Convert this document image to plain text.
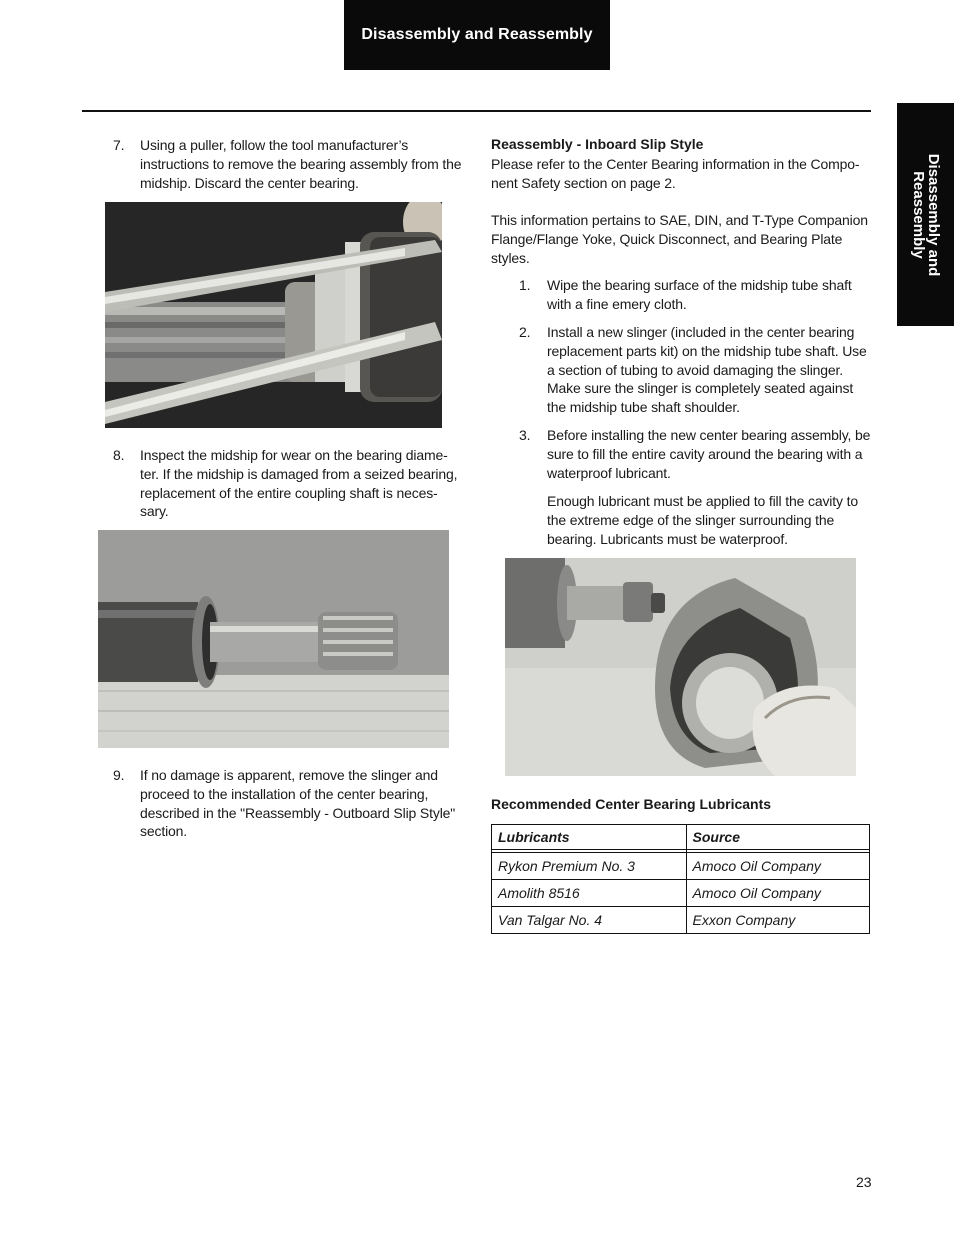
Disassembly and Reassembly
Disassembly and
Reassembly
7. Using a puller, follow the tool manufacturer’s instructions to remove the bearing assembly from the midship. Discard the center bearing.
8. Inspect the midship for wear on the bearing diame-ter. If the midship is damaged from a seized bearing, replacement of the entire coupling shaft is neces-sary.
9. If no damage is apparent, remove the slinger and proceed to the installation of the center bearing, described in the "Reassembly - Outboard Slip Style" section.
Reassembly - Inboard Slip Style
Please refer to the Center Bearing information in the Compo-nent Safety section on page 2.
This information pertains to SAE, DIN, and T-Type Companion Flange/Flange Yoke, Quick Disconnect, and Bearing Plate styles.
1. Wipe the bearing surface of the midship tube shaft with a fine emery cloth.
2. Install a new slinger (included in the center bearing replacement parts kit) on the midship tube shaft. Use a section of tubing to avoid damaging the slinger. Make sure the slinger is completely seated against the midship tube shaft shoulder.
3. Before installing the new center bearing assembly, be sure to fill the entire cavity around the bearing with a waterproof lubricant.
Enough lubricant must be applied to fill the cavity to the extreme edge of the slinger surrounding the bearing. Lubricants must be waterproof.
Recommended Center Bearing Lubricants
Lubricants	Source

Rykon Premium No. 3	Amoco Oil Company
Amolith 8516	Amoco Oil Company
Van Talgar No. 4	Exxon Company
23
